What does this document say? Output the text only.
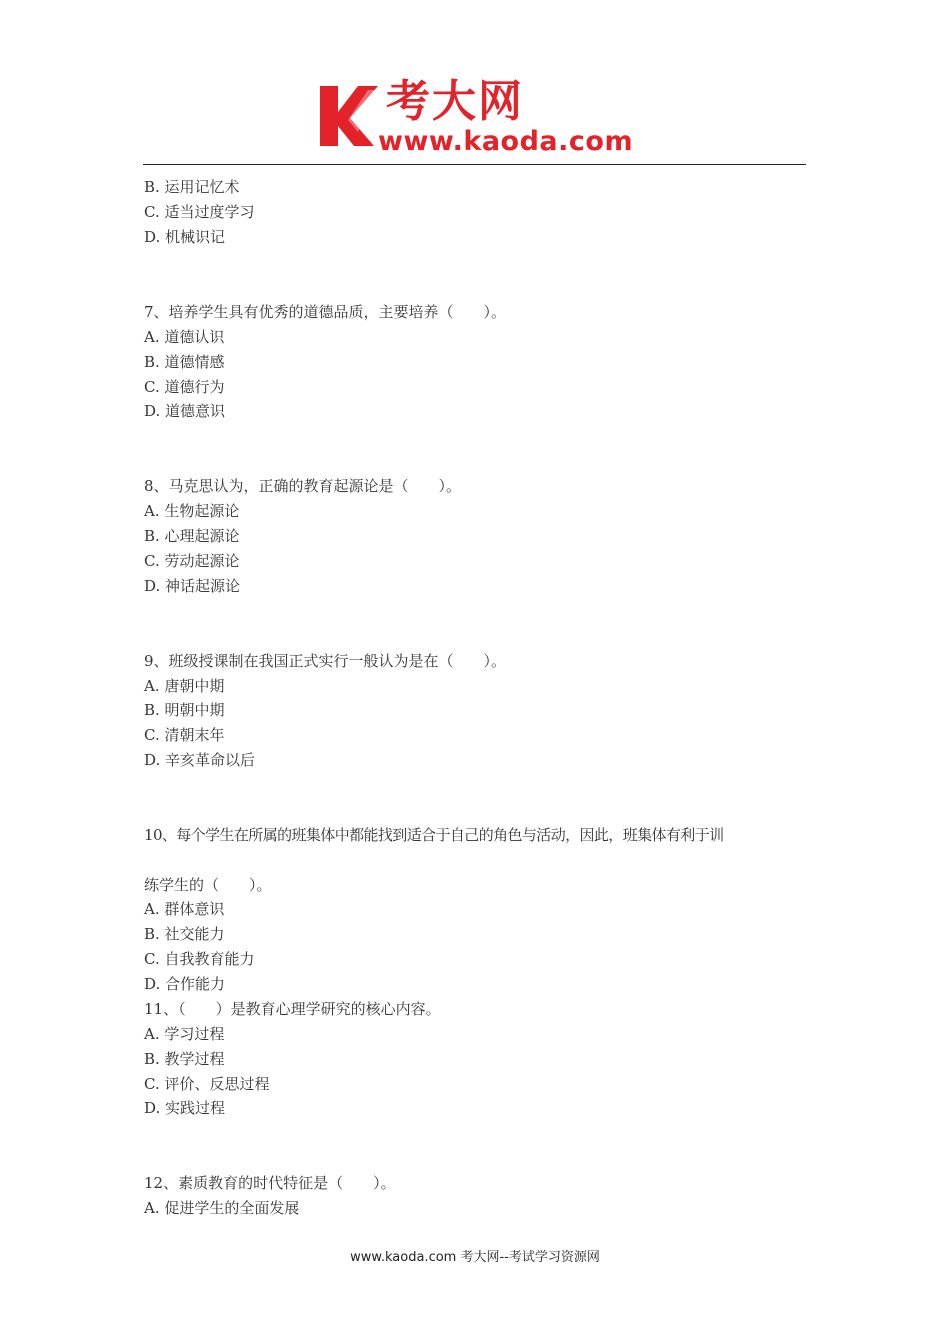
考大网
www.kaoda.com
B. 运用记忆术
C. 适当过度学习
D. 机械识记
7、培养学生具有优秀的道德品质，主要培养（　　）。
A. 道德认识
B. 道德情感
C. 道德行为
D. 道德意识
8、马克思认为，正确的教育起源论是（　　）。
A. 生物起源论
B. 心理起源论
C. 劳动起源论
D. 神话起源论
9、班级授课制在我国正式实行一般认为是在（　　）。
A. 唐朝中期
B. 明朝中期
C. 清朝末年
D. 辛亥革命以后
10、每个学生在所属的班集体中都能找到适合于自己的角色与活动，因此，班集体有利于训
练学生的（　　）。
A. 群体意识
B. 社交能力
C. 自我教育能力
D. 合作能力
11、（　　）是教育心理学研究的核心内容。
A. 学习过程
B. 教学过程
C. 评价、反思过程
D. 实践过程
12、素质教育的时代特征是（　　）。
A. 促进学生的全面发展
www.kaoda.com 考大网--考试学习资源网
